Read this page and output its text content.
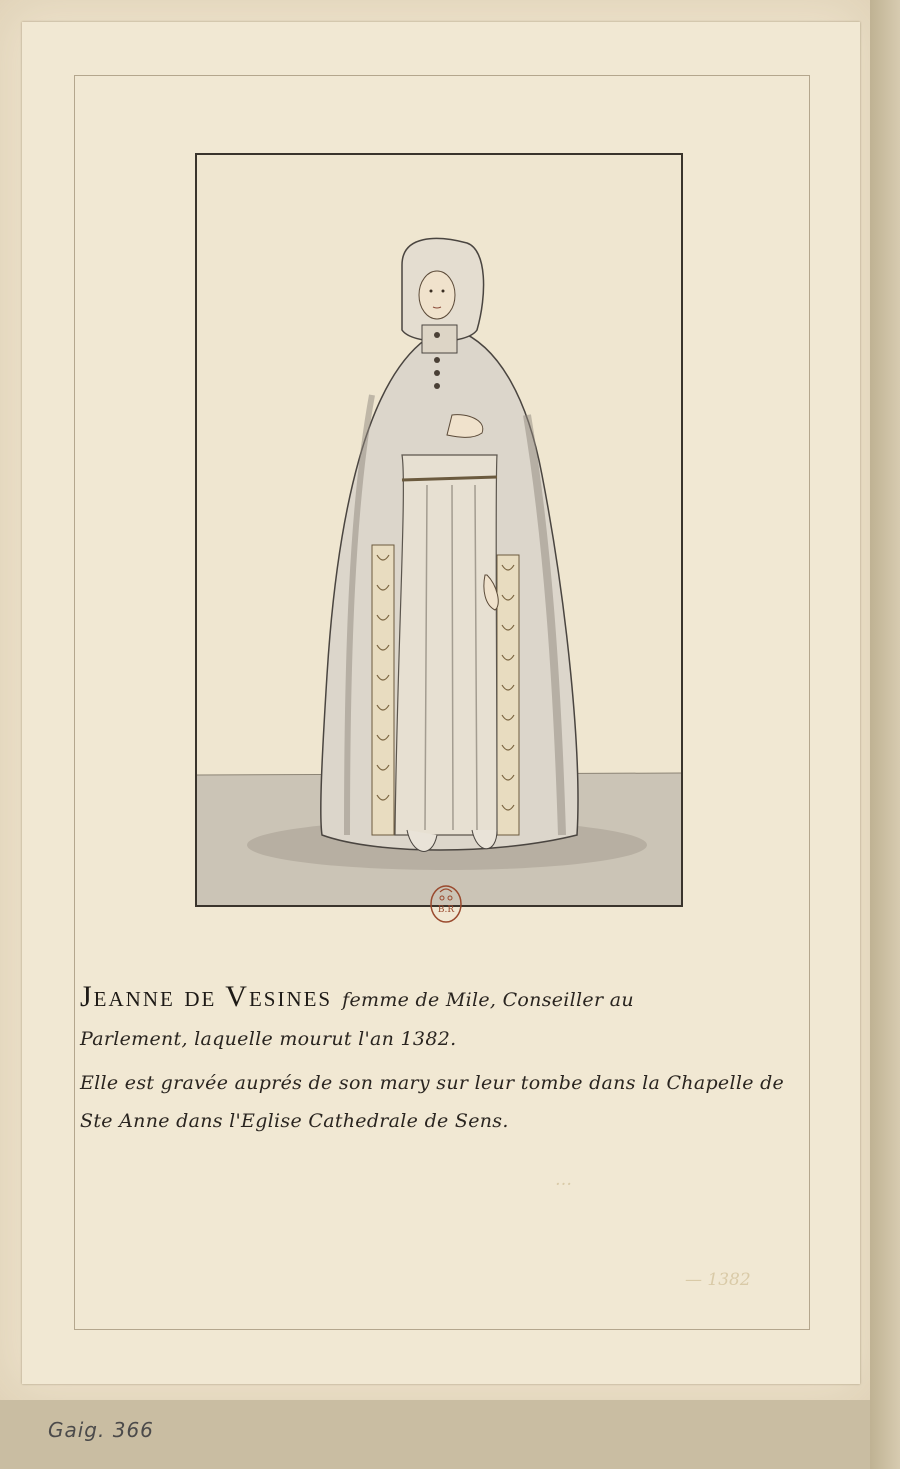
B.R
Jeanne de Vesines femme de Mile, Conseiller au
Parlement, laquelle mourut l'an 1382.
Elle est gravée auprés de son mary sur leur tombe dans la Chapelle de
Ste Anne dans l'Eglise Cathedrale de Sens.
…
— 1382
Gaig. 366
